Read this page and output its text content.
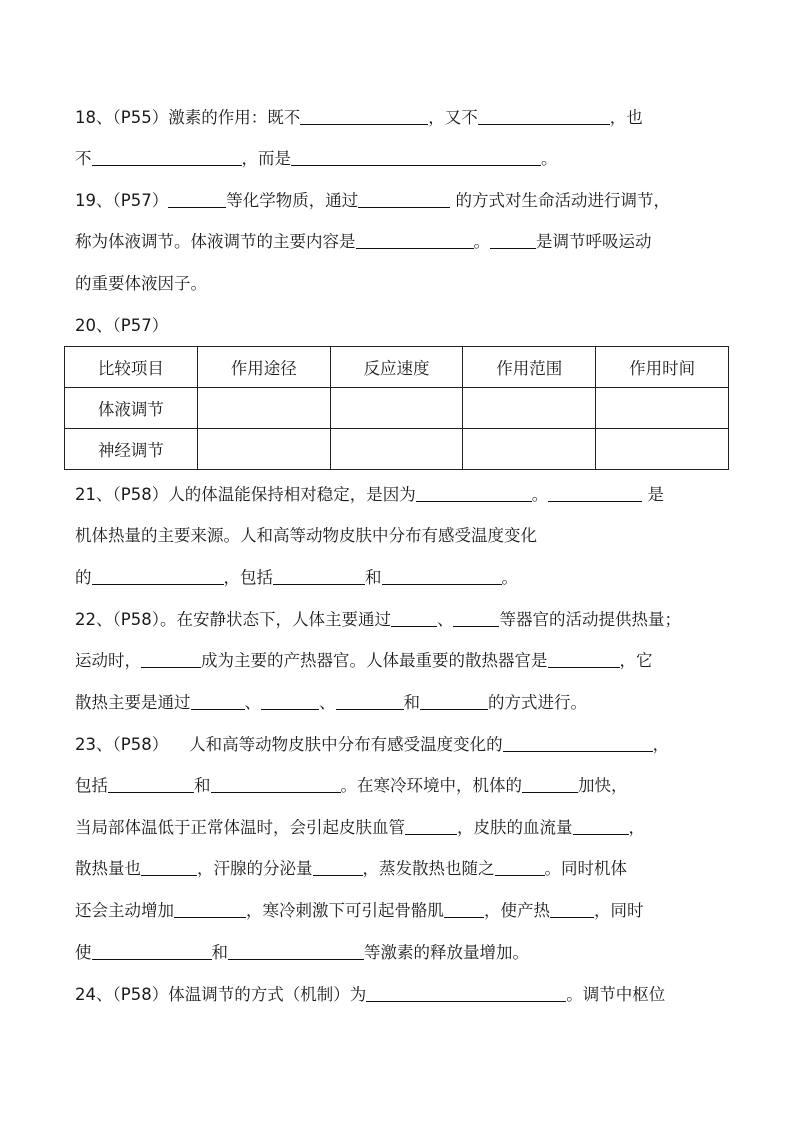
18、（P55）激素的作用：既不	，又不	，也
不	，而是	。
19、（P57）	等化学物质，通过	的方式对生命活动进行调节，
称为体液调节。体液调节的主要内容是	。	是调节呼吸运动
的重要体液因子。
20、（P57）
比较项目	作用途径	反应速度	作用范围	作用时间
体液调节				
神经调节				
21、（P58）人的体温能保持相对稳定，是因为	。	是
机体热量的主要来源。人和高等动物皮肤中分布有感受温度变化
的	，包括	和	。
22、（P58）。在安静状态下，人体主要通过	、	等器官的活动提供热量；
运动时，	成为主要的产热器官。人体最重要的散热器官是	，它
散热主要是通过	、	、	和	的方式进行。
23、（P58）    人和高等动物皮肤中分布有感受温度变化的	，
包括	和	。在寒冷环境中，机体的	加快，
当局部体温低于正常体温时，会引起皮肤血管	，皮肤的血流量	，
散热量也	，汗腺的分泌量	，蒸发散热也随之	。同时机体
还会主动增加	，寒冷刺激下可引起骨骼肌 ，使产热	，同时
使	和	等激素的释放量增加。
24、（P58）体温调节的方式（机制）为	。调节中枢位
